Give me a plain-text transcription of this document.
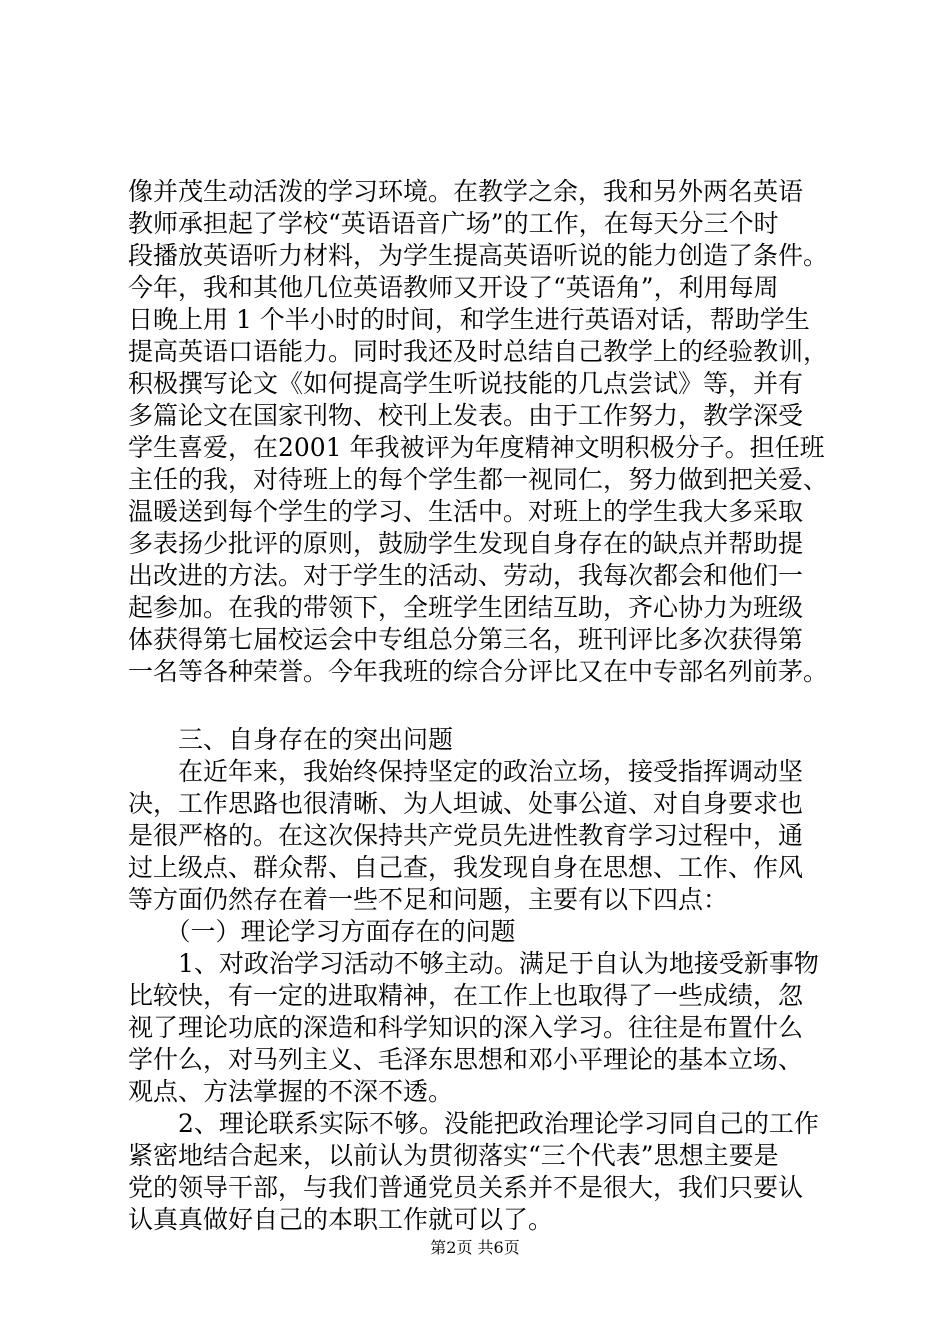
像并茂生动活泼的学习环境。在教学之余，我和另外两名英语
教师承担起了学校“英语语音广场”的工作，在每天分三个时
段播放英语听力材料，为学生提高英语听说的能力创造了条件。
今年，我和其他几位英语教师又开设了“英语角”，利用每周
日晚上用 1 个半小时的时间，和学生进行英语对话，帮助学生
提高英语口语能力。同时我还及时总结自己教学上的经验教训，
积极撰写论文《如何提高学生听说技能的几点尝试》等，并有
多篇论文在国家刊物、校刊上发表。由于工作努力，教学深受
学生喜爱，在2001 年我被评为年度精神文明积极分子。担任班
主任的我，对待班上的每个学生都一视同仁，努力做到把关爱、
温暖送到每个学生的学习、生活中。对班上的学生我大多采取
多表扬少批评的原则，鼓励学生发现自身存在的缺点并帮助提
出改进的方法。对于学生的活动、劳动，我每次都会和他们一
起参加。在我的带领下，全班学生团结互助，齐心协力为班级
体获得第七届校运会中专组总分第三名，班刊评比多次获得第
一名等各种荣誉。今年我班的综合分评比又在中专部名列前茅。
　　三、自身存在的突出问题
　　在近年来，我始终保持坚定的政治立场，接受指挥调动坚
决，工作思路也很清晰、为人坦诚、处事公道、对自身要求也
是很严格的。在这次保持共产党员先进性教育学习过程中，通
过上级点、群众帮、自己查，我发现自身在思想、工作、作风
等方面仍然存在着一些不足和问题，主要有以下四点：
　　（一）理论学习方面存在的问题
　　1、对政治学习活动不够主动。满足于自认为地接受新事物
比较快，有一定的进取精神，在工作上也取得了一些成绩，忽
视了理论功底的深造和科学知识的深入学习。往往是布置什么
学什么，对马列主义、毛泽东思想和邓小平理论的基本立场、
观点、方法掌握的不深不透。
　　2、理论联系实际不够。没能把政治理论学习同自己的工作
紧密地结合起来，以前认为贯彻落实“三个代表”思想主要是
党的领导干部，与我们普通党员关系并不是很大，我们只要认
认真真做好自己的本职工作就可以了。
第2页 共6页
